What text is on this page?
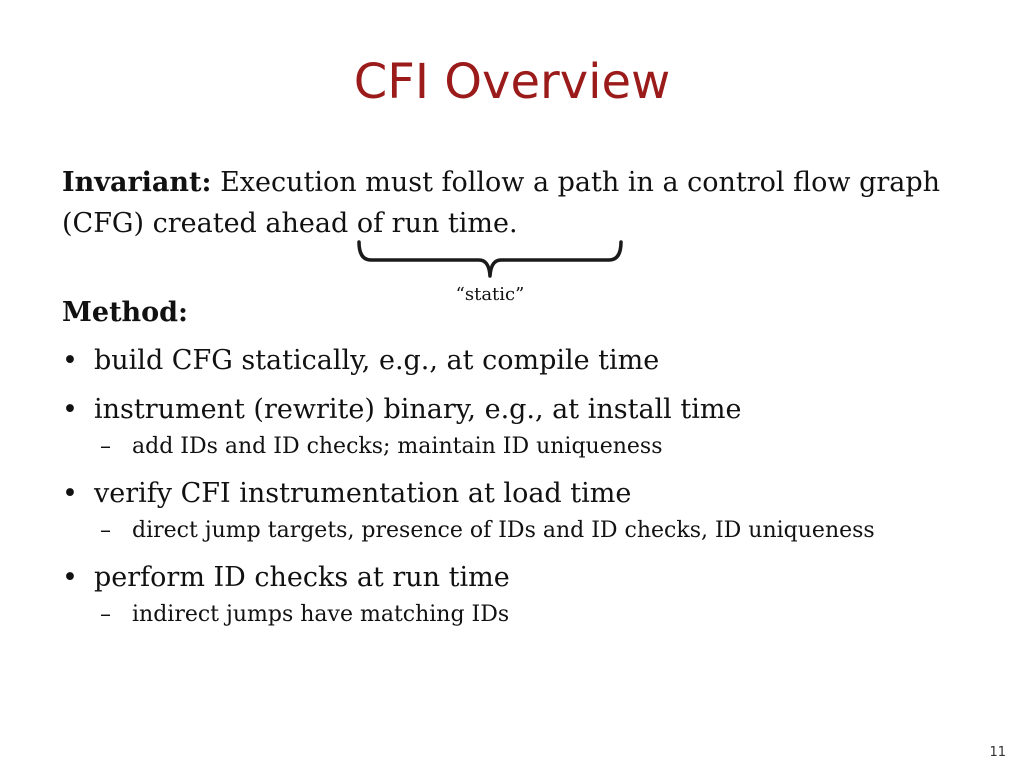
CFI Overview
Invariant: Execution must follow a path in a control flow graph (CFG) created ahead of run time.
“static”
Method:
• build CFG statically, e.g., at compile time
• instrument (rewrite) binary, e.g., at install time
– add IDs and ID checks; maintain ID uniqueness
• verify CFI instrumentation at load time
– direct jump targets, presence of IDs and ID checks, ID uniqueness
• perform ID checks at run time
– indirect jumps have matching IDs
11
